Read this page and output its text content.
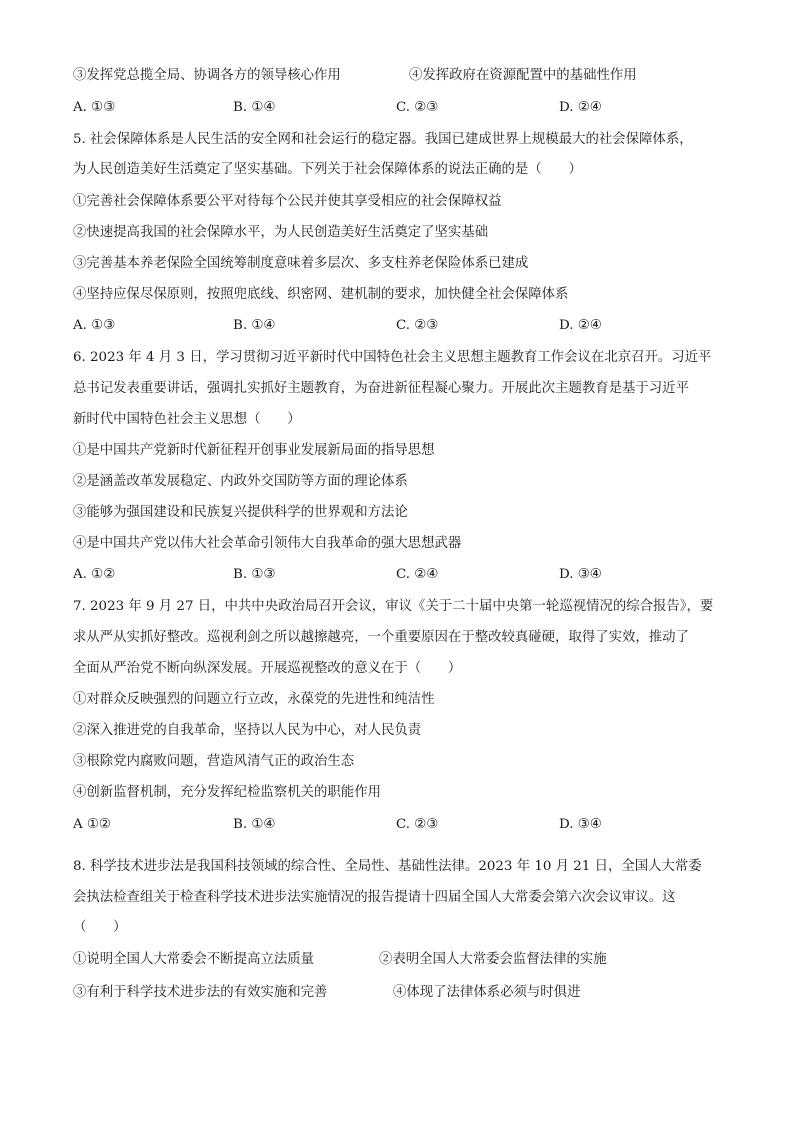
③发挥党总揽全局、协调各方的领导核心作用	④发挥政府在资源配置中的基础性作用
A. ①③	B. ①④	C. ②③	D. ②④
5. 社会保障体系是人民生活的安全网和社会运行的稳定器。我国已建成世界上规模最大的社会保障体系，
为人民创造美好生活奠定了坚实基础。下列关于社会保障体系的说法正确的是（　　）
①完善社会保障体系要公平对待每个公民并使其享受相应的社会保障权益
②快速提高我国的社会保障水平，为人民创造美好生活奠定了坚实基础
③完善基本养老保险全国统筹制度意味着多层次、多支柱养老保险体系已建成
④坚持应保尽保原则，按照兜底线、织密网、建机制的要求，加快健全社会保障体系
A. ①③	B. ①④	C. ②③	D. ②④
6. 2023 年 4 月 3 日，学习贯彻习近平新时代中国特色社会主义思想主题教育工作会议在北京召开。习近平
总书记发表重要讲话，强调扎实抓好主题教育，为奋进新征程凝心聚力。开展此次主题教育是基于习近平
新时代中国特色社会主义思想（　　）
①是中国共产党新时代新征程开创事业发展新局面的指导思想
②是涵盖改革发展稳定、内政外交国防等方面的理论体系
③能够为强国建设和民族复兴提供科学的世界观和方法论
④是中国共产党以伟大社会革命引领伟大自我革命的强大思想武器
A. ①②	B. ①③	C. ②④	D. ③④
7. 2023 年 9 月 27 日，中共中央政治局召开会议，审议《关于二十届中央第一轮巡视情况的综合报告》，要
求从严从实抓好整改。巡视利剑之所以越擦越亮，一个重要原因在于整改较真碰硬，取得了实效，推动了
全面从严治党不断向纵深发展。开展巡视整改的意义在于（　　）
①对群众反映强烈的问题立行立改，永葆党的先进性和纯洁性
②深入推进党的自我革命，坚持以人民为中心，对人民负责
③根除党内腐败问题，营造风清气正的政治生态
④创新监督机制，充分发挥纪检监察机关的职能作用
A ①②	B. ①④	C. ②③	D. ③④
8. 科学技术进步法是我国科技领域的综合性、全局性、基础性法律。2023 年 10 月 21 日，全国人大常委
会执法检查组关于检查科学技术进步法实施情况的报告提请十四届全国人大常委会第六次会议审议。这
（　　）
①说明全国人大常委会不断提高立法质量	②表明全国人大常委会监督法律的实施
③有利于科学技术进步法的有效实施和完善	④体现了法律体系必须与时俱进
